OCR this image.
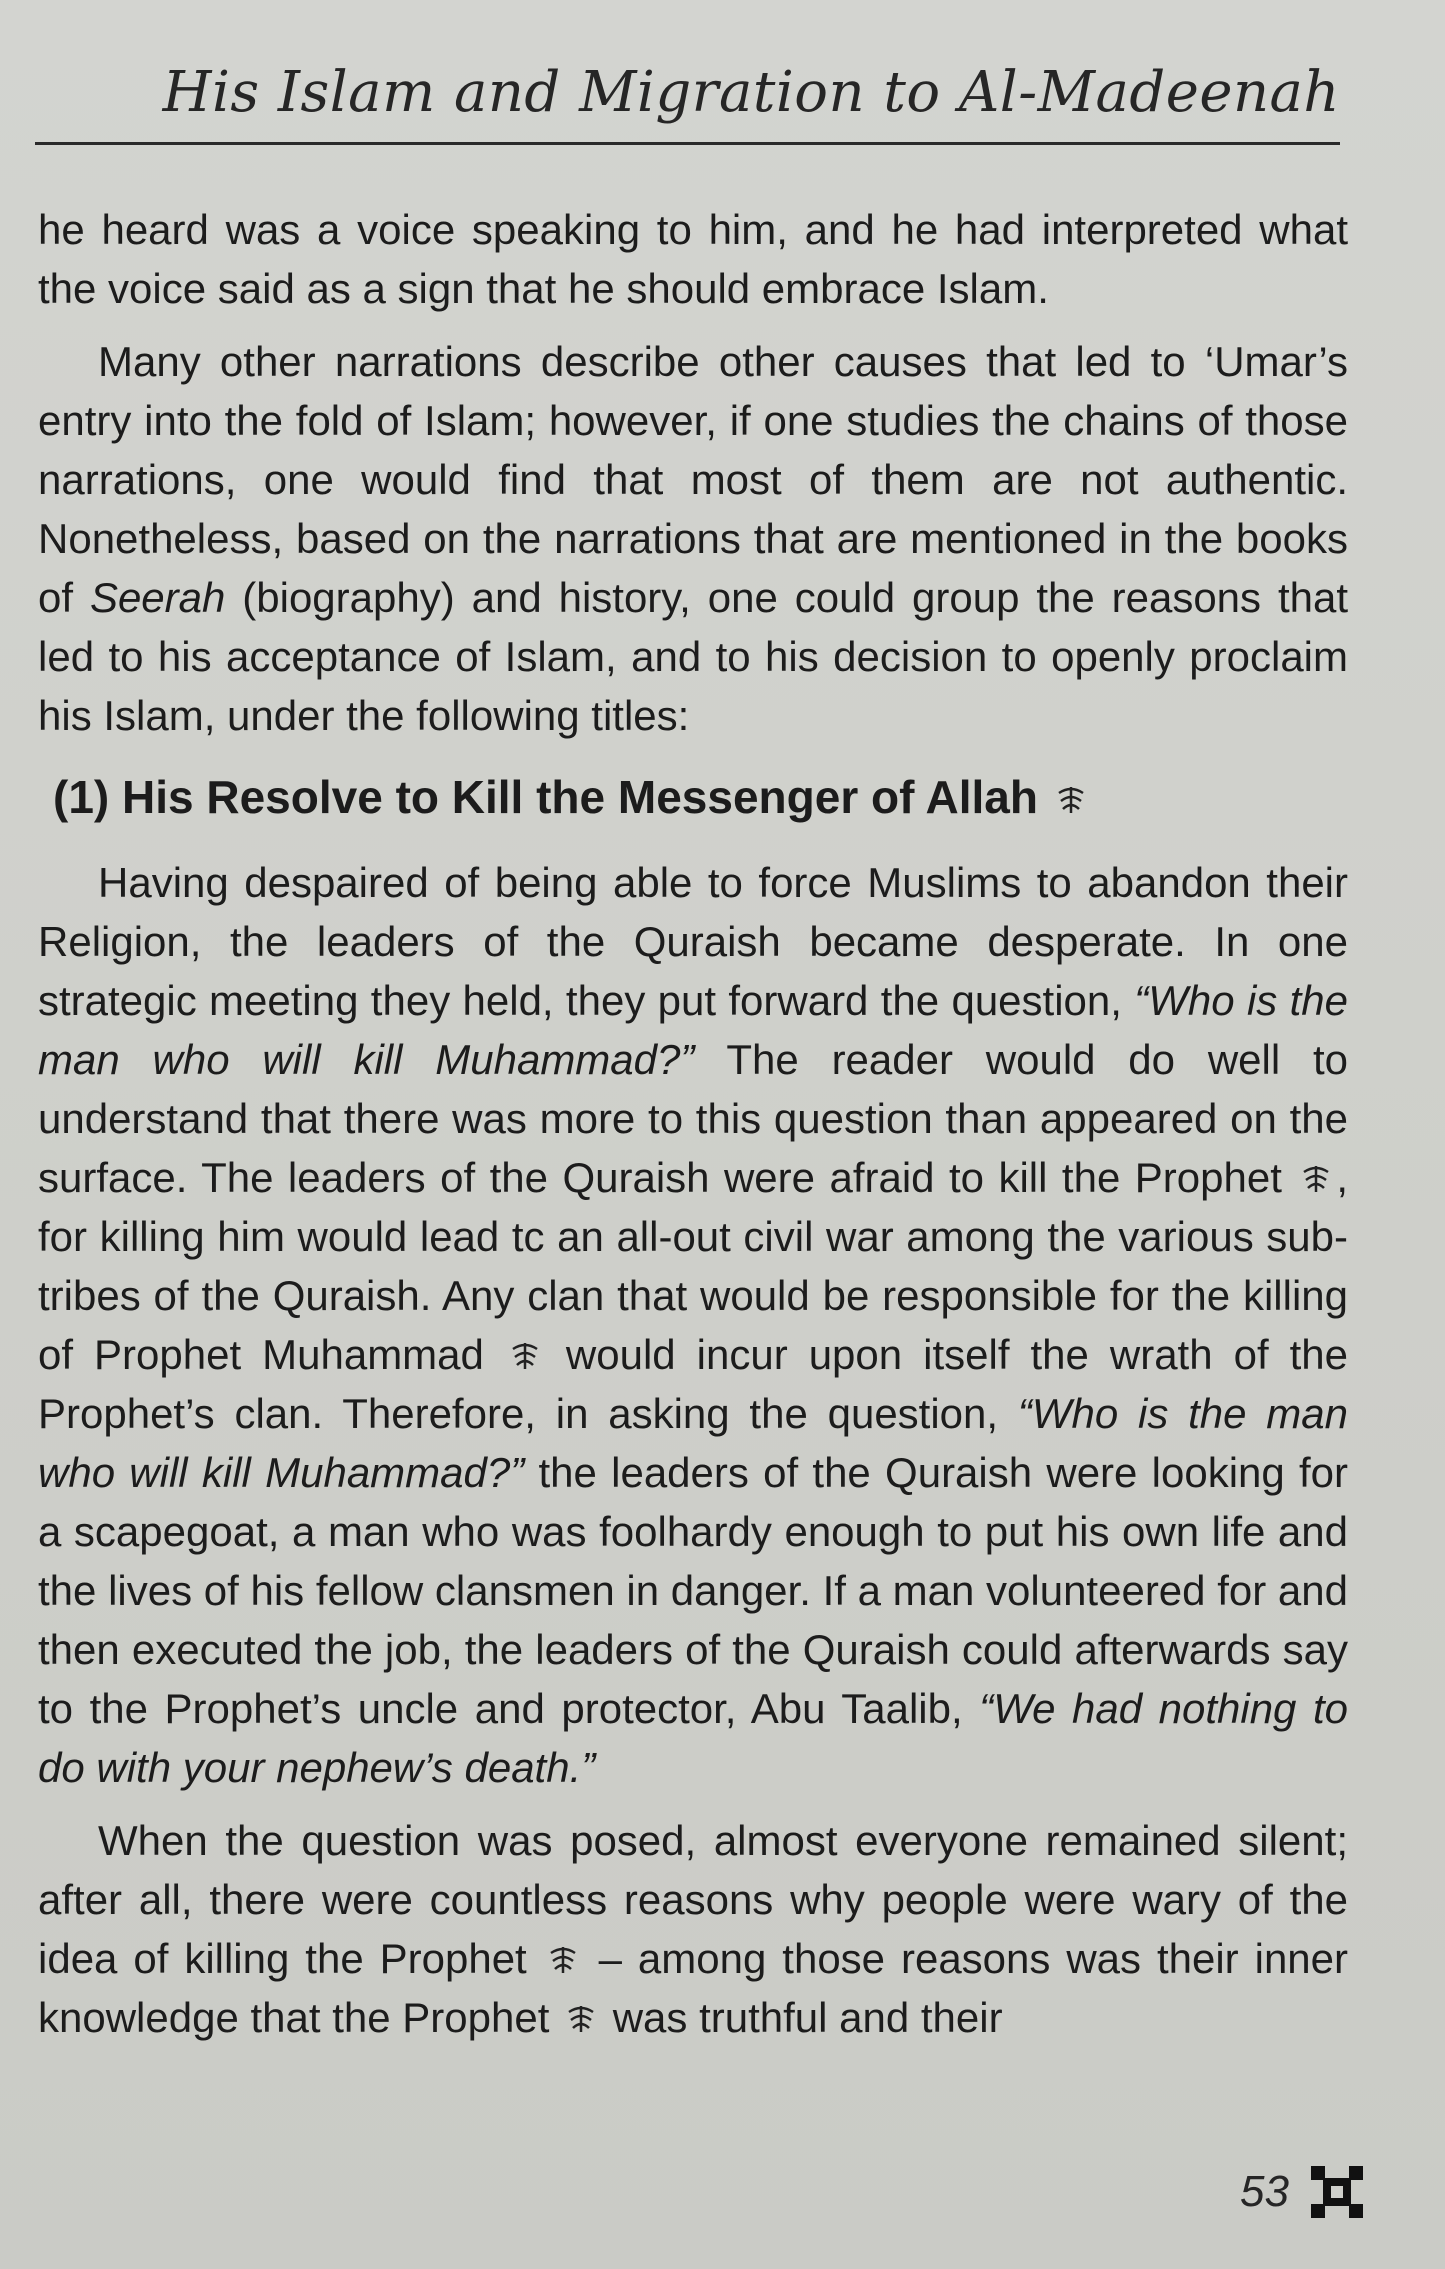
His Islam and Migration to Al-Madeenah

he heard was a voice speaking to him, and he had interpreted what the voice said as a sign that he should embrace Islam.

Many other narrations describe other causes that led to ‘Umar’s entry into the fold of Islam; however, if one studies the chains of those narrations, one would find that most of them are not authentic. Nonetheless, based on the narrations that are mentioned in the books of Seerah (biography) and history, one could group the reasons that led to his acceptance of Islam, and to his decision to openly proclaim his Islam, under the following titles:

(1) His Resolve to Kill the Messenger of Allah

Having despaired of being able to force Muslims to abandon their Religion, the leaders of the Quraish became desperate. In one strategic meeting they held, they put forward the question, “Who is the man who will kill Muhammad?” The reader would do well to understand that there was more to this question than appeared on the surface. The leaders of the Quraish were afraid to kill the Prophet , for killing him would lead tc an all-out civil war among the various sub-tribes of the Quraish. Any clan that would be responsible for the killing of Prophet Muhammad  would incur upon itself the wrath of the Prophet’s clan. Therefore, in asking the question, “Who is the man who will kill Muhammad?” the leaders of the Quraish were looking for a scapegoat, a man who was foolhardy enough to put his own life and the lives of his fellow clansmen in danger. If a man volunteered for and then executed the job, the leaders of the Quraish could afterwards say to the Prophet’s uncle and protector, Abu Taalib, “We had nothing to do with your nephew’s death.”

When the question was posed, almost everyone remained silent; after all, there were countless reasons why people were wary of the idea of killing the Prophet  – among those reasons was their inner knowledge that the Prophet  was truthful and their

53
